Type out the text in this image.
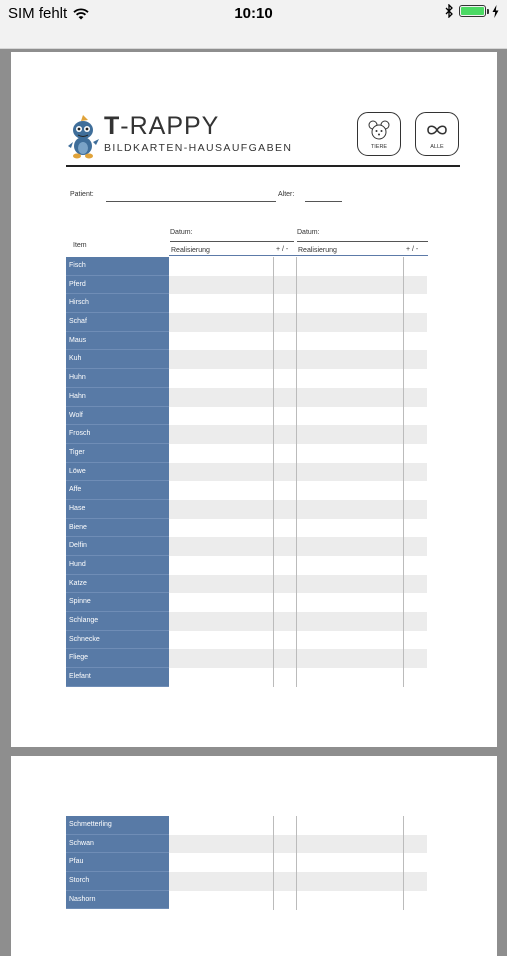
SIM fehlt	10:10
T-RAPPY
BILDKARTEN-HAUSAUFGABEN	TIERE	ALLE
Patient:	Alter:
Item
Datum:	Datum:
Realisierung	+ / - Realisierung	+ / -
Fisch
Pferd
Hirsch
Schaf
Maus
Kuh
Huhn
Hahn
Wolf
Frosch
Tiger
Löwe
Affe
Hase
Biene
Delfin
Hund
Katze
Spinne
Schlange
Schnecke
Fliege
Elefant
Schmetterling
Schwan
Pfau
Storch
Nashorn
